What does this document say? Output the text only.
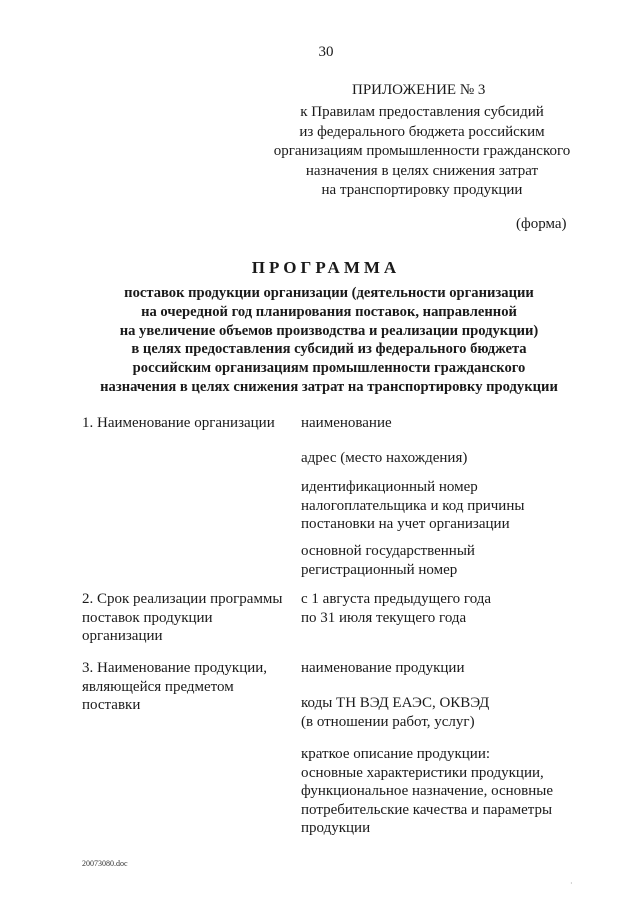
30
ПРИЛОЖЕНИЕ № 3
к Правилам предоставления субсидий
из федерального бюджета российским
организациям промышленности гражданского
назначения в целях снижения затрат
на транспортировку продукции
(форма)
ПРОГРАММА
поставок продукции организации (деятельности организации
на очередной год планирования поставок, направленной
на увеличение объемов производства и реализации продукции)
в целях предоставления субсидий из федерального бюджета
российским организациям промышленности гражданского
назначения в целях снижения затрат на транспортировку продукции
1. Наименование организации	наименование
адрес (место нахождения)
идентификационный номер
налогоплательщика и код причины
постановки на учет организации
основной государственный
регистрационный номер
2. Срок реализации программы
поставок продукции
организации
с 1 августа предыдущего года
по 31 июля текущего года
3. Наименование продукции,
являющейся предметом
поставки
наименование продукции
коды ТН ВЭД ЕАЭС, ОКВЭД
(в отношении работ, услуг)
краткое описание продукции:
основные характеристики продукции,
функциональное назначение, основные
потребительские качества и параметры
продукции
20073080.doc
·
